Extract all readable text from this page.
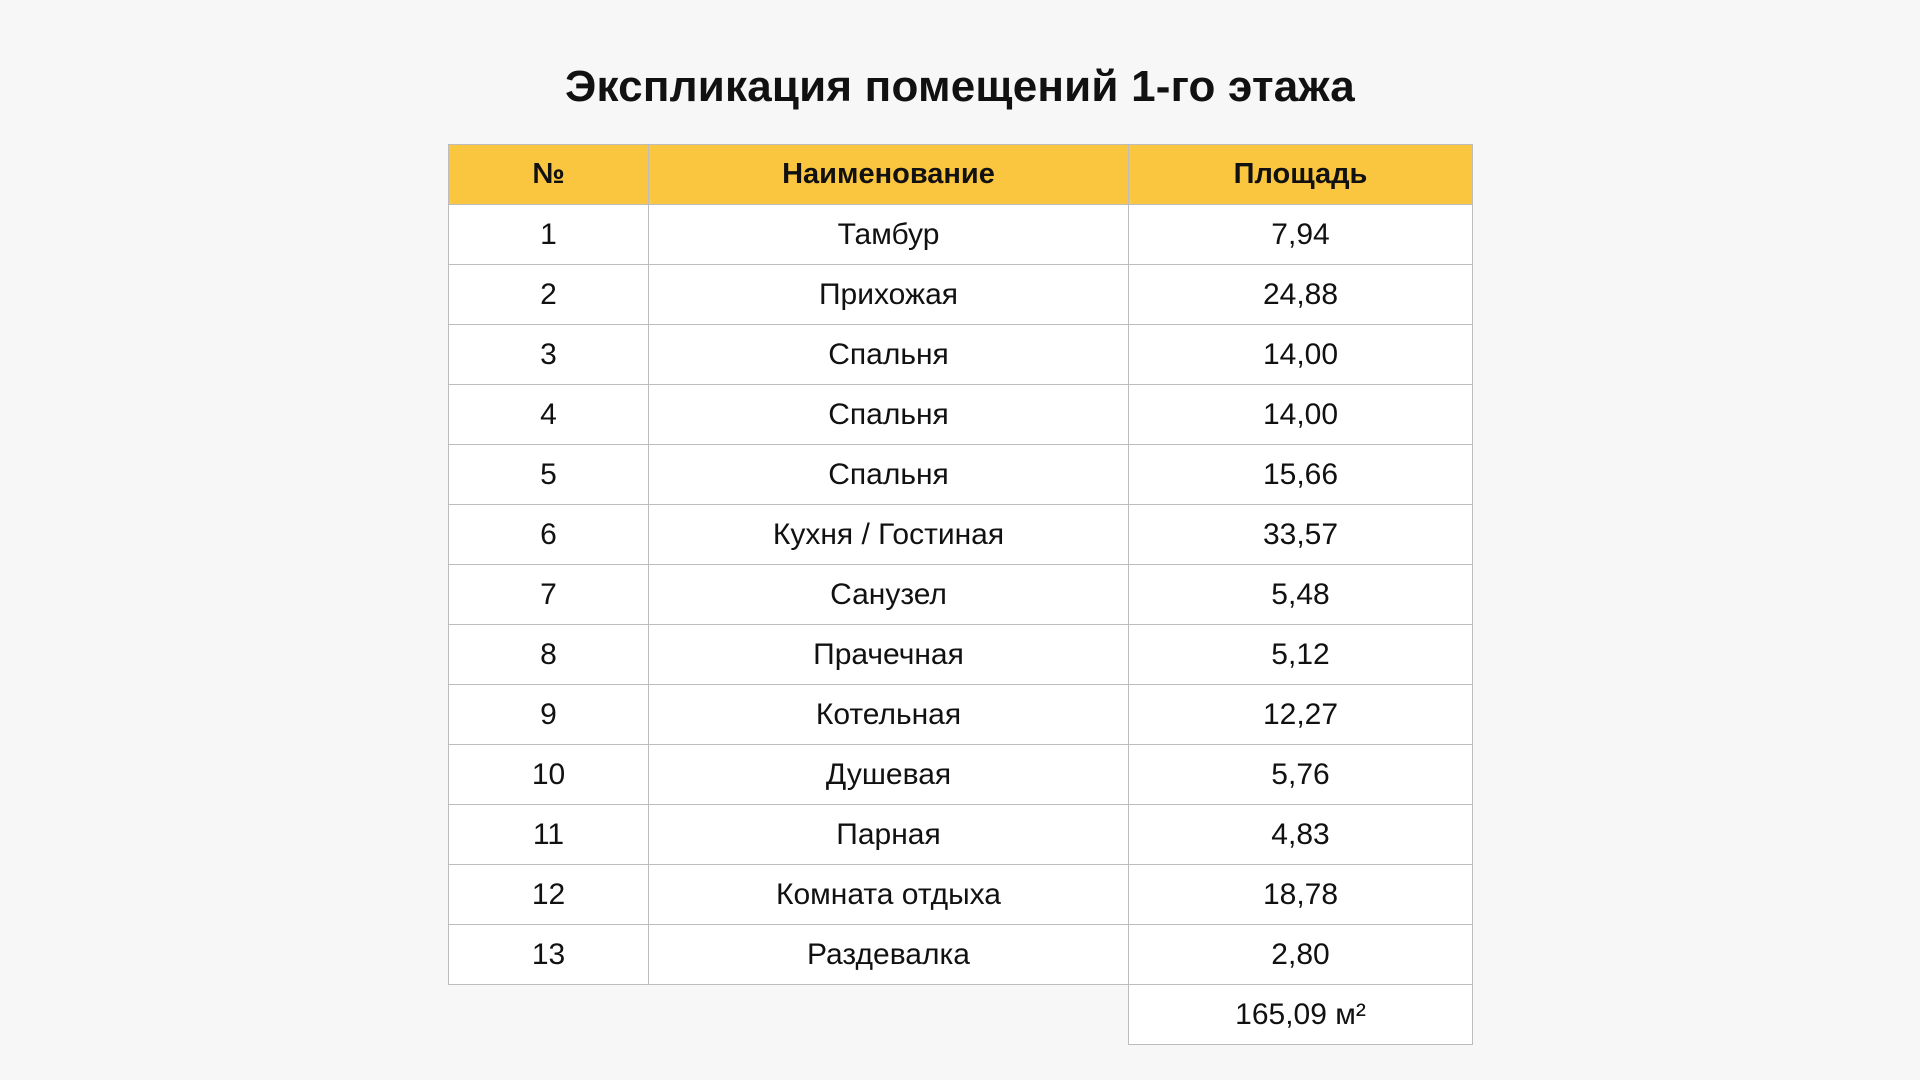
Экспликация помещений 1-го этажа
№	Наименование	Площадь
1	Тамбур	7,94
2	Прихожая	24,88
3	Спальня	14,00
4	Спальня	14,00
5	Спальня	15,66
6	Кухня / Гостиная	33,57
7	Санузел	5,48
8	Прачечная	5,12
9	Котельная	12,27
10	Душевая	5,76
11	Парная	4,83
12	Комната отдыха	18,78
13	Раздевалка	2,80
		165,09 м²
